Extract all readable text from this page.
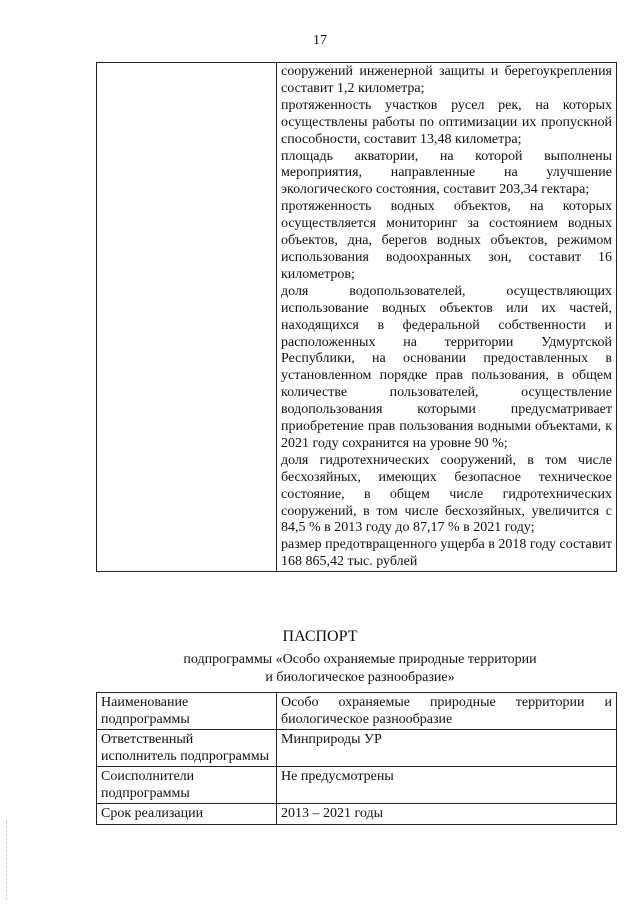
17

сооружений инженерной защиты и берегоукрепления составит 1,2 километра;

протяженность участков русел рек, на которых осуществлены работы по оптимизации их пропускной способности, составит 13,48 километра;

площадь акватории, на которой выполнены мероприятия, направленные на улучшение экологического состояния, составит 203,34 гектара;

протяженность водных объектов, на которых осуществляется мониторинг за состоянием водных объектов, дна, берегов водных объектов, режимом использования водоохранных зон, составит 16 километров;

доля водопользователей, осуществляющих использование водных объектов или их частей, находящихся в федеральной собственности и расположенных на территории Удмуртской Республики, на основании предоставленных в установленном порядке прав пользования, в общем количестве пользователей, осуществление водопользования которыми предусматривает приобретение прав пользования водными объектами, к 2021 году сохранится на уровне 90 %;

доля гидротехнических сооружений, в том числе бесхозяйных, имеющих безопасное техническое состояние, в общем числе гидротехнических сооружений, в том числе бесхозяйных, увеличится с 84,5 % в 2013 году до 87,17 % в 2021 году;

размер предотвращенного ущерба в 2018 году составит 168 865,42 тыс. рублей

ПАСПОРТ
подпрограммы «Особо охраняемые природные территории
и биологическое разнообразие»
Наименование подпрограммы	Особо охраняемые природные территории и биологическое разнообразие
Ответственный исполнитель подпрограммы	Минприроды УР
Соисполнители подпрограммы	Не предусмотрены
Срок реализации	2013 – 2021 годы
